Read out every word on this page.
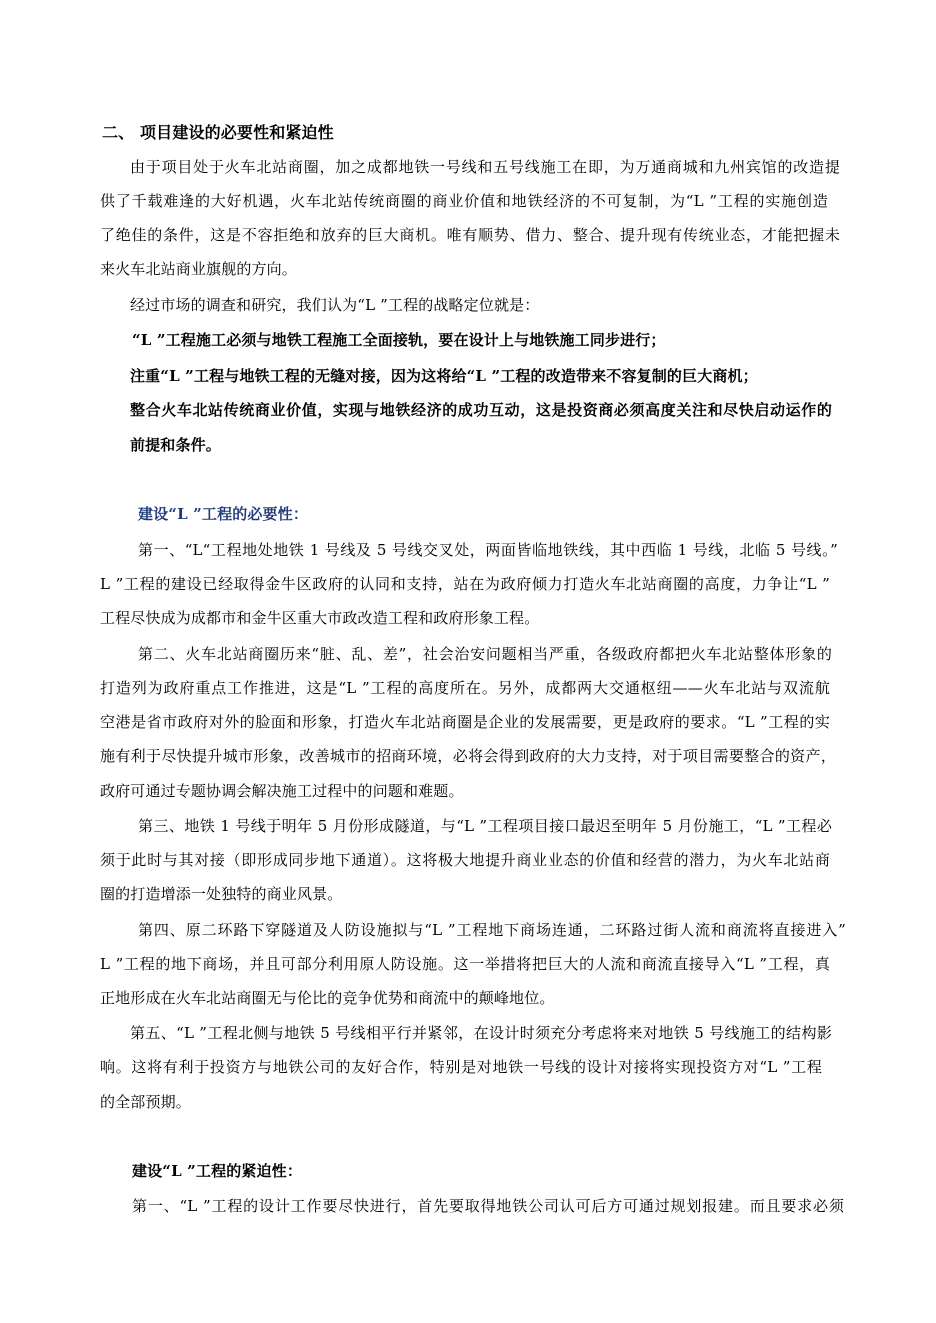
二、 项目建设的必要性和紧迫性
由于项目处于火车北站商圈，加之成都地铁一号线和五号线施工在即，为万通商城和九州宾馆的改造提
供了千载难逢的大好机遇，火车北站传统商圈的商业价值和地铁经济的不可复制，为“L ”工程的实施创造
了绝佳的条件，这是不容拒绝和放弃的巨大商机。唯有顺势、借力、整合、提升现有传统业态，才能把握未
来火车北站商业旗舰的方向。
经过市场的调查和研究，我们认为“L ”工程的战略定位就是：
“L ”工程施工必须与地铁工程施工全面接轨，要在设计上与地铁施工同步进行；
注重“L ”工程与地铁工程的无缝对接，因为这将给“L ”工程的改造带来不容复制的巨大商机；
整合火车北站传统商业价值，实现与地铁经济的成功互动，这是投资商必须高度关注和尽快启动运作的
前提和条件。
建设“L ”工程的必要性：
第一、“L“工程地处地铁 1 号线及 5 号线交叉处，两面皆临地铁线，其中西临 1 号线，北临 5 号线。”
L ”工程的建设已经取得金牛区政府的认同和支持，站在为政府倾力打造火车北站商圈的高度，力争让“L ”
工程尽快成为成都市和金牛区重大市政改造工程和政府形象工程。
第二、火车北站商圈历来“脏、乱、差”，社会治安问题相当严重，各级政府都把火车北站整体形象的
打造列为政府重点工作推进，这是“L ”工程的高度所在。另外，成都两大交通枢纽——火车北站与双流航
空港是省市政府对外的脸面和形象，打造火车北站商圈是企业的发展需要，更是政府的要求。“L ”工程的实
施有利于尽快提升城市形象，改善城市的招商环境，必将会得到政府的大力支持，对于项目需要整合的资产，
政府可通过专题协调会解决施工过程中的问题和难题。
第三、地铁 1 号线于明年 5 月份形成隧道，与“L ”工程项目接口最迟至明年 5 月份施工，“L ”工程必
须于此时与其对接（即形成同步地下通道）。这将极大地提升商业业态的价值和经营的潜力，为火车北站商
圈的打造增添一处独特的商业风景。
第四、原二环路下穿隧道及人防设施拟与“L ”工程地下商场连通，二环路过街人流和商流将直接进入”
L ”工程的地下商场，并且可部分利用原人防设施。这一举措将把巨大的人流和商流直接导入“L ”工程，真
正地形成在火车北站商圈无与伦比的竞争优势和商流中的颠峰地位。
第五、“L ”工程北侧与地铁 5 号线相平行并紧邻，在设计时须充分考虑将来对地铁 5 号线施工的结构影
响。这将有利于投资方与地铁公司的友好合作，特别是对地铁一号线的设计对接将实现投资方对“L ”工程
的全部预期。
建设“L ”工程的紧迫性：
第一、“L ”工程的设计工作要尽快进行，首先要取得地铁公司认可后方可通过规划报建。而且要求必须
